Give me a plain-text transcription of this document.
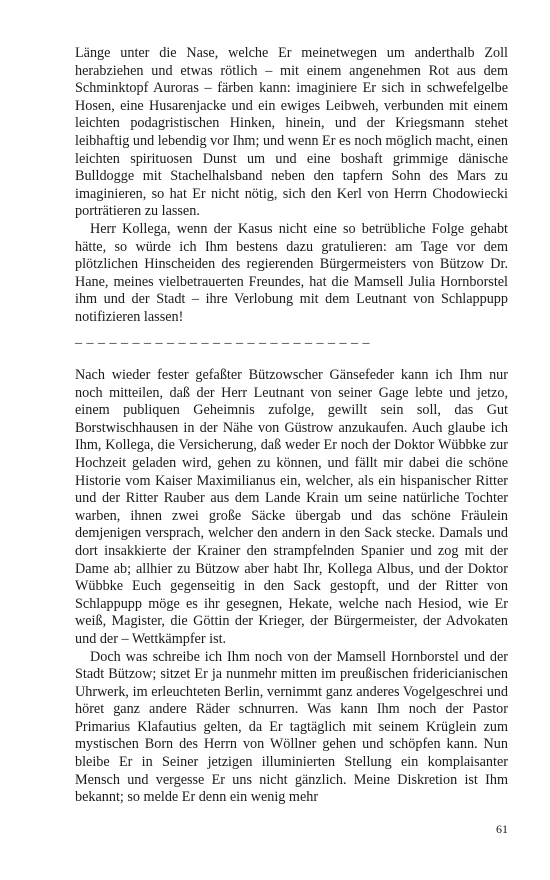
Länge unter die Nase, welche Er meinetwegen um anderthalb Zoll herabziehen und etwas rötlich – mit einem angenehmen Rot aus dem Schminktopf Auroras – färben kann: imaginiere Er sich in schwefelgelbe Hosen, eine Husarenjacke und ein ewiges Leibweh, verbunden mit einem leichten podagristischen Hinken, hinein, und der Kriegsmann stehet leibhaftig und lebendig vor Ihm; und wenn Er es noch möglich macht, einen leichten spirituosen Dunst um und eine boshaft grimmige dänische Bulldogge mit Stachelhalsband neben den tapfern Sohn des Mars zu imaginieren, so hat Er nicht nötig, sich den Kerl von Herrn Chodowiecki porträtieren zu lassen.

Herr Kollega, wenn der Kasus nicht eine so betrübliche Folge gehabt hätte, so würde ich Ihm bestens dazu gratulieren: am Tage vor dem plötzlichen Hinscheiden des regierenden Bürgermeisters von Bützow Dr. Hane, meines vielbetrauerten Freundes, hat die Mamsell Julia Hornborstel ihm und der Stadt – ihre Verlobung mit dem Leutnant von Schlappupp notifizieren lassen!

_ _ _ _ _ _ _ _ _ _ _ _ _ _ _ _ _ _ _ _ _ _ _ _ _ _

Nach wieder fester gefaßter Bützowscher Gänsefeder kann ich Ihm nur noch mitteilen, daß der Herr Leutnant von seiner Gage lebte und jetzo, einem publiquen Geheimnis zufolge, gewillt sein soll, das Gut Borstwischhausen in der Nähe von Güstrow anzukaufen. Auch glaube ich Ihm, Kollega, die Versicherung, daß weder Er noch der Doktor Wübbke zur Hochzeit geladen wird, gehen zu können, und fällt mir dabei die schöne Historie vom Kaiser Maximilianus ein, welcher, als ein hispanischer Ritter und der Ritter Rauber aus dem Lande Krain um seine natürliche Tochter warben, ihnen zwei große Säcke übergab und das schöne Fräulein demjenigen versprach, welcher den andern in den Sack stecke. Damals und dort insakkierte der Krainer den strampfelnden Spanier und zog mit der Dame ab; allhier zu Bützow aber habt Ihr, Kollega Albus, und der Doktor Wübbke Euch gegenseitig in den Sack gestopft, und der Ritter von Schlappupp möge es ihr gesegnen, Hekate, welche nach Hesiod, wie Er weiß, Magister, die Göttin der Krieger, der Bürgermeister, der Advokaten und der – Wettkämpfer ist.

Doch was schreibe ich Ihm noch von der Mamsell Hornborstel und der Stadt Bützow; sitzet Er ja nunmehr mitten im preußischen fridericianischen Uhrwerk, im erleuchteten Berlin, vernimmt ganz anderes Vogelgeschrei und höret ganz andere Räder schnurren. Was kann Ihm noch der Pastor Primarius Klafautius gelten, da Er tagtäglich mit seinem Krüglein zum mystischen Born des Herrn von Wöllner gehen und schöpfen kann. Nun bleibe Er in Seiner jetzigen illuminierten Stellung ein komplaisanter Mensch und vergesse Er uns nicht gänzlich. Meine Diskretion ist Ihm bekannt; so melde Er denn ein wenig mehr

61
